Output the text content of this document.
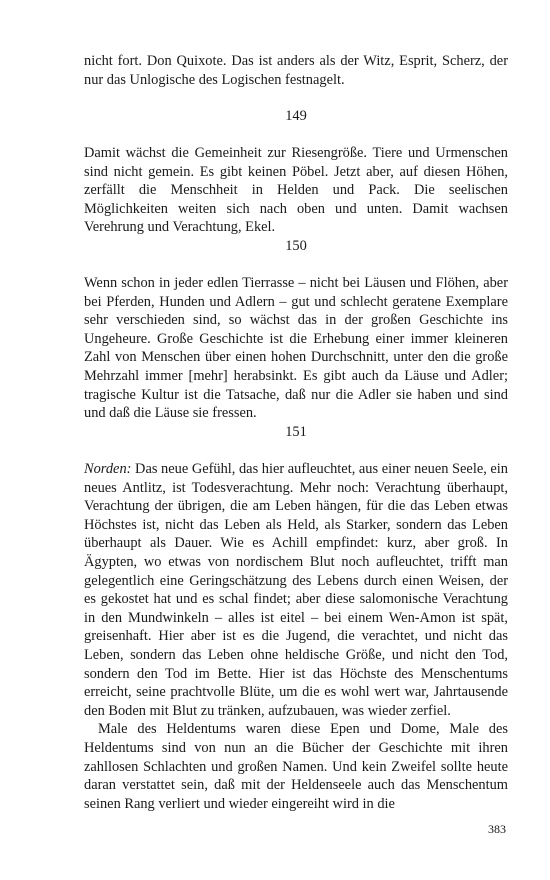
nicht fort. Don Quixote. Das ist anders als der Witz, Esprit, Scherz, der nur das Unlogische des Logischen festnagelt.

149

Damit wächst die Gemeinheit zur Riesengröße. Tiere und Urmenschen sind nicht gemein. Es gibt keinen Pöbel. Jetzt aber, auf diesen Höhen, zerfällt die Menschheit in Helden und Pack. Die seelischen Möglichkeiten weiten sich nach oben und unten. Damit wachsen Verehrung und Verachtung, Ekel.

150

Wenn schon in jeder edlen Tierrasse – nicht bei Läusen und Flöhen, aber bei Pferden, Hunden und Adlern – gut und schlecht geratene Exemplare sehr verschieden sind, so wächst das in der großen Geschichte ins Ungeheure. Große Geschichte ist die Erhebung einer immer kleineren Zahl von Menschen über einen hohen Durchschnitt, unter den die große Mehrzahl immer [mehr] herabsinkt. Es gibt auch da Läuse und Adler; tragische Kultur ist die Tatsache, daß nur die Adler sie haben und sind und daß die Läuse sie fressen.

151

Norden: Das neue Gefühl, das hier aufleuchtet, aus einer neuen Seele, ein neues Antlitz, ist Todesverachtung. Mehr noch: Verachtung überhaupt, Verachtung der übrigen, die am Leben hängen, für die das Leben etwas Höchstes ist, nicht das Leben als Held, als Starker, sondern das Leben überhaupt als Dauer. Wie es Achill empfindet: kurz, aber groß. In Ägypten, wo etwas von nordischem Blut noch aufleuchtet, trifft man gelegentlich eine Geringschätzung des Lebens durch einen Weisen, der es gekostet hat und es schal findet; aber diese salomonische Verachtung in den Mundwinkeln – alles ist eitel – bei einem Wen-Amon ist spät, greisenhaft. Hier aber ist es die Jugend, die verachtet, und nicht das Leben, sondern das Leben ohne heldische Größe, und nicht den Tod, sondern den Tod im Bette. Hier ist das Höchste des Menschentums erreicht, seine prachtvolle Blüte, um die es wohl wert war, Jahrtausende den Boden mit Blut zu tränken, aufzubauen, was wieder zerfiel.

Male des Heldentums waren diese Epen und Dome, Male des Heldentums sind von nun an die Bücher der Geschichte mit ihren zahllosen Schlachten und großen Namen. Und kein Zweifel sollte heute daran verstattet sein, daß mit der Heldenseele auch das Menschentum seinen Rang verliert und wieder eingereiht wird in die

383
